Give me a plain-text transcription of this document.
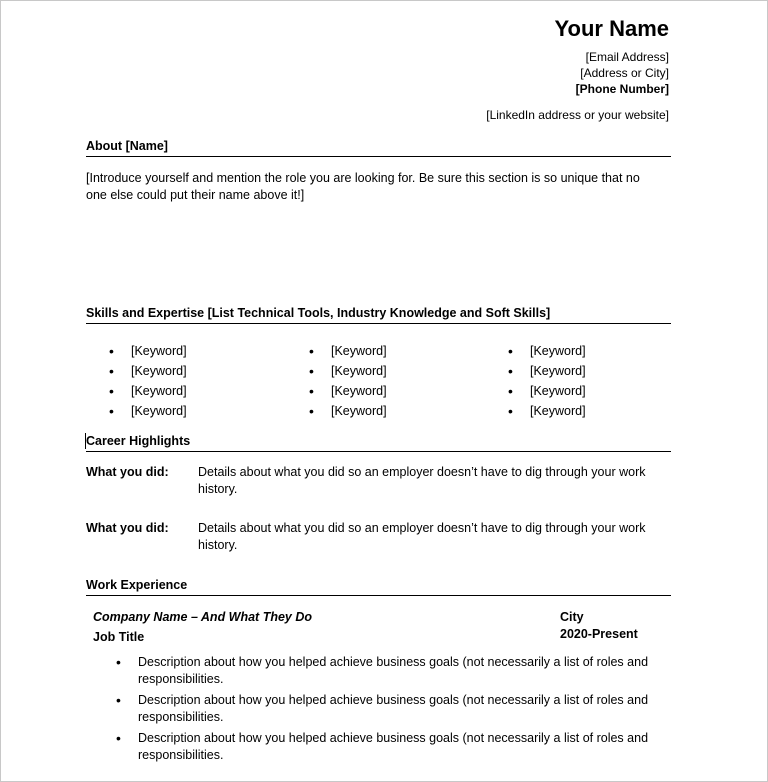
Your Name
[Email Address]
[Address or City]
[Phone Number]
[LinkedIn address or your website]
About [Name]
[Introduce yourself and mention the role you are looking for. Be sure this section is so unique that no
one else could put their name above it!]
Skills and Expertise [List Technical Tools, Industry Knowledge and Soft Skills]
• [Keyword]
• [Keyword]
• [Keyword]
• [Keyword]
• [Keyword]
• [Keyword]
• [Keyword]
• [Keyword]
• [Keyword]
• [Keyword]
• [Keyword]
• [Keyword]
Career Highlights
What you did: Details about what you did so an employer doesn’t have to dig through your work history.
What you did: Details about what you did so an employer doesn’t have to dig through your work history.
Work Experience
Company Name – And What They Do
Job Title
City
2020-Present
• Description about how you helped achieve business goals (not necessarily a list of roles and responsibilities.
• Description about how you helped achieve business goals (not necessarily a list of roles and responsibilities.
• Description about how you helped achieve business goals (not necessarily a list of roles and responsibilities.
